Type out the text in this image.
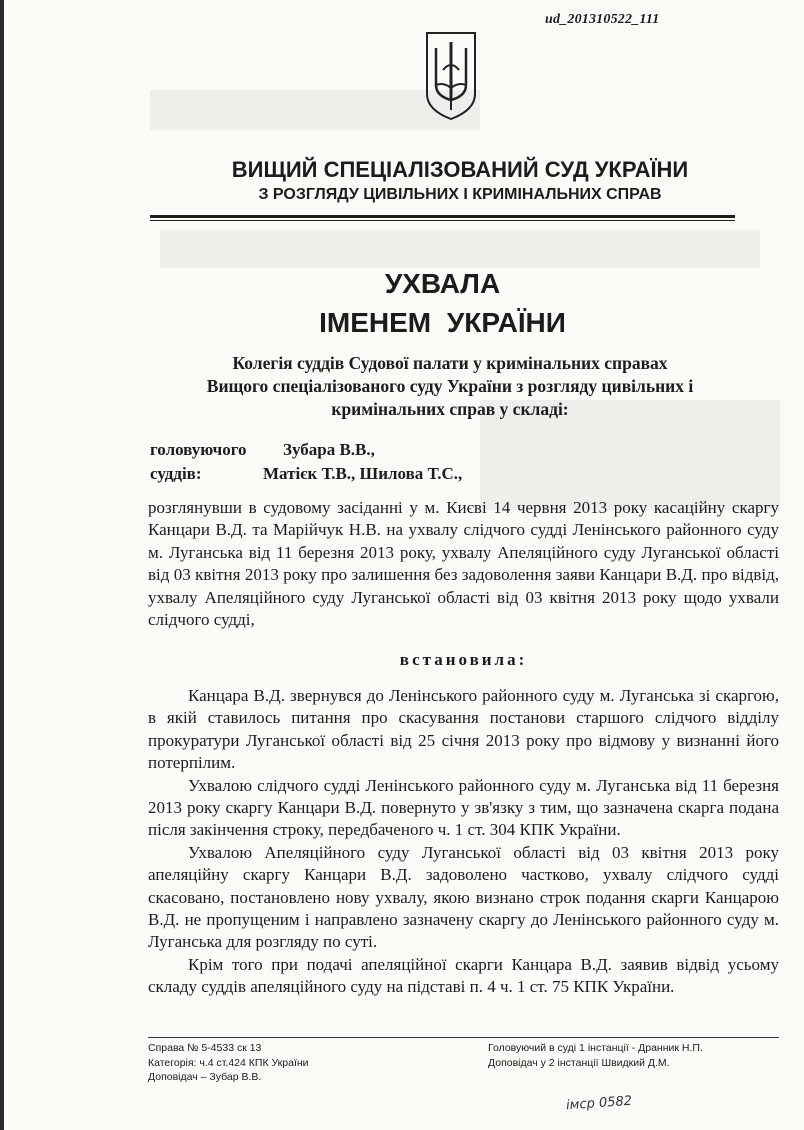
ud_201310522_111
ВИЩИЙ СПЕЦІАЛІЗОВАНИЙ СУД УКРАЇНИ
З РОЗГЛЯДУ ЦИВІЛЬНИХ І КРИМІНАЛЬНИХ СПРАВ
УХВАЛА
ІМЕНЕМ УКРАЇНИ
Колегія суддів Судової палати у кримінальних справах
Вищого спеціалізованого суду України з розгляду цивільних і
кримінальних справ у складі:
головуючого	Зубара В.В.,
суддів:	Матієк Т.В., Шилова Т.С.,
розглянувши в судовому засіданні у м. Києві 14 червня 2013 року касаційну скаргу Канцари В.Д. та Марійчук Н.В. на ухвалу слідчого судді Ленінського районного суду м. Луганська від 11 березня 2013 року, ухвалу Апеляційного суду Луганської області від 03 квітня 2013 року про залишення без задоволення заяви Канцари В.Д. про відвід, ухвалу Апеляційного суду Луганської області від 03 квітня 2013 року щодо ухвали слідчого судді,
встановила:

Канцара В.Д. звернувся до Ленінського районного суду м. Луганська зі скаргою, в якій ставилось питання про скасування постанови старшого слідчого відділу прокуратури Луганської області від 25 січня 2013 року про відмову у визнанні його потерпілим.

Ухвалою слідчого судді Ленінського районного суду м. Луганська від 11 березня 2013 року скаргу Канцари В.Д. повернуто у зв'язку з тим, що зазначена скарга подана після закінчення строку, передбаченого ч. 1 ст. 304 КПК України.

Ухвалою Апеляційного суду Луганської області від 03 квітня 2013 року апеляційну скаргу Канцари В.Д. задоволено частково, ухвалу слідчого судді скасовано, постановлено нову ухвалу, якою визнано строк подання скарги Канцарою В.Д. не пропущеним і направлено зазначену скаргу до Ленінського районного суду м. Луганська для розгляду по суті.

Крім того при подачі апеляційної скарги Канцара В.Д. заявив відвід усьому складу суддів апеляційного суду на підставі п. 4 ч. 1 ст. 75 КПК України.

Справа № 5-4533 ск 13
Категорія: ч.4 ст.424 КПК України
Доповідач – Зубар В.В.
Головуючий в суді 1 інстанції - Дранник Н.П.
Доповідач у 2 інстанції Швидкий Д.М.
імср 0582
